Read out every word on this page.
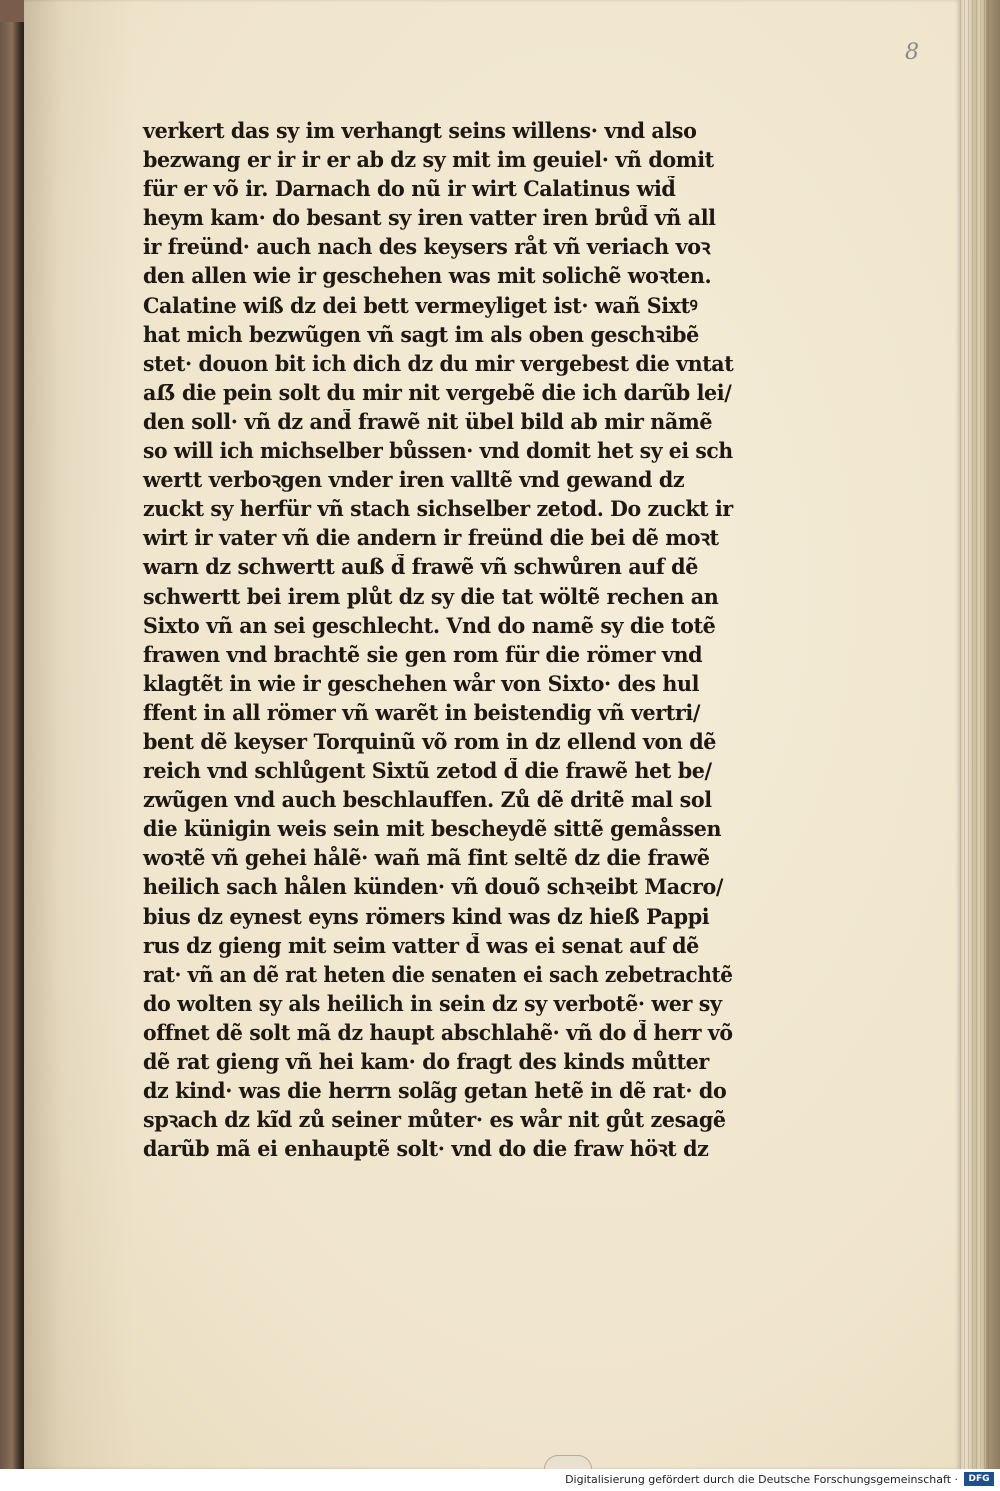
8
verkert das sy im verhangt seins willens· vnd also
bezwang er ir ir er ab dz sy mit im geuiel· vñ domit
für er võ ir. Darnach do nũ ir wirt Calatinus wid̃
heym kam· do besant sy iren vatter iren brůd̃ vñ all
ir freünd· auch nach des keysers råt vñ veriach voꝛ
den allen wie ir geschehen was mit solichẽ woꝛten.
Calatine wiß dz dei bett vermeyliget ist· wañ Sixtꝰ
hat mich bezwũgen vñ sagt im als oben geschꝛibẽ
stet· douon bit ich dich dz du mir vergebest die vntat
aẞ die pein solt du mir nit vergebẽ die ich darũb lei/
den soll· vñ dz and̃ frawẽ nit übel bild ab mir nãmẽ
so will ich michselber bůssen· vnd domit het sy ei sch
wertt verboꝛgen vnder iren valltẽ vnd gewand dz
zuckt sy herfür vñ stach sichselber zetod. Do zuckt ir
wirt ir vater vñ die andern ir freünd die bei dẽ moꝛt
warn dz schwertt auß d̃ frawẽ vñ schwůren auf dẽ
schwertt bei irem plůt dz sy die tat wöltẽ rechen an
Sixto vñ an sei geschlecht. Vnd do namẽ sy die totẽ
frawen vnd brachtẽ sie gen rom für die römer vnd
klagtẽt in wie ir geschehen wår von Sixto· des hul
ffent in all römer vñ warẽt in beistendig vñ vertri/
bent dẽ keyser Torquinũ võ rom in dz ellend von dẽ
reich vnd schlůgent Sixtũ zetod d̃ die frawẽ het be/
zwũgen vnd auch beschlauffen. Zů dẽ dritẽ mal sol
die künigin weis sein mit bescheydẽ sittẽ gemåssen
woꝛtẽ vñ gehei hålẽ· wañ mã fint seltẽ dz die frawẽ
heilich sach hålen künden· vñ douõ schꝛeibt Macro/
bius dz eynest eyns römers kind was dz hieß Pappi
rus dz gieng mit seim vatter d̃ was ei senat auf dẽ
rat· vñ an dẽ rat heten die senaten ei sach zebetrachtẽ
do wolten sy als heilich in sein dz sy verbotẽ· wer sy
offnet dẽ solt mã dz haupt abschlahẽ· vñ do d̃ herr võ
dẽ rat gieng vñ hei kam· do fragt des kinds můtter
dz kind· was die herrn solãg getan hetẽ in dẽ rat· do
spꝛach dz kĩd zů seiner můter· es wår nit gůt zesagẽ
darũb mã ei enhauptẽ solt· vnd do die fraw höꝛt dz
Digitalisierung gefördert durch die Deutsche Forschungsgemeinschaft ·	DFG
